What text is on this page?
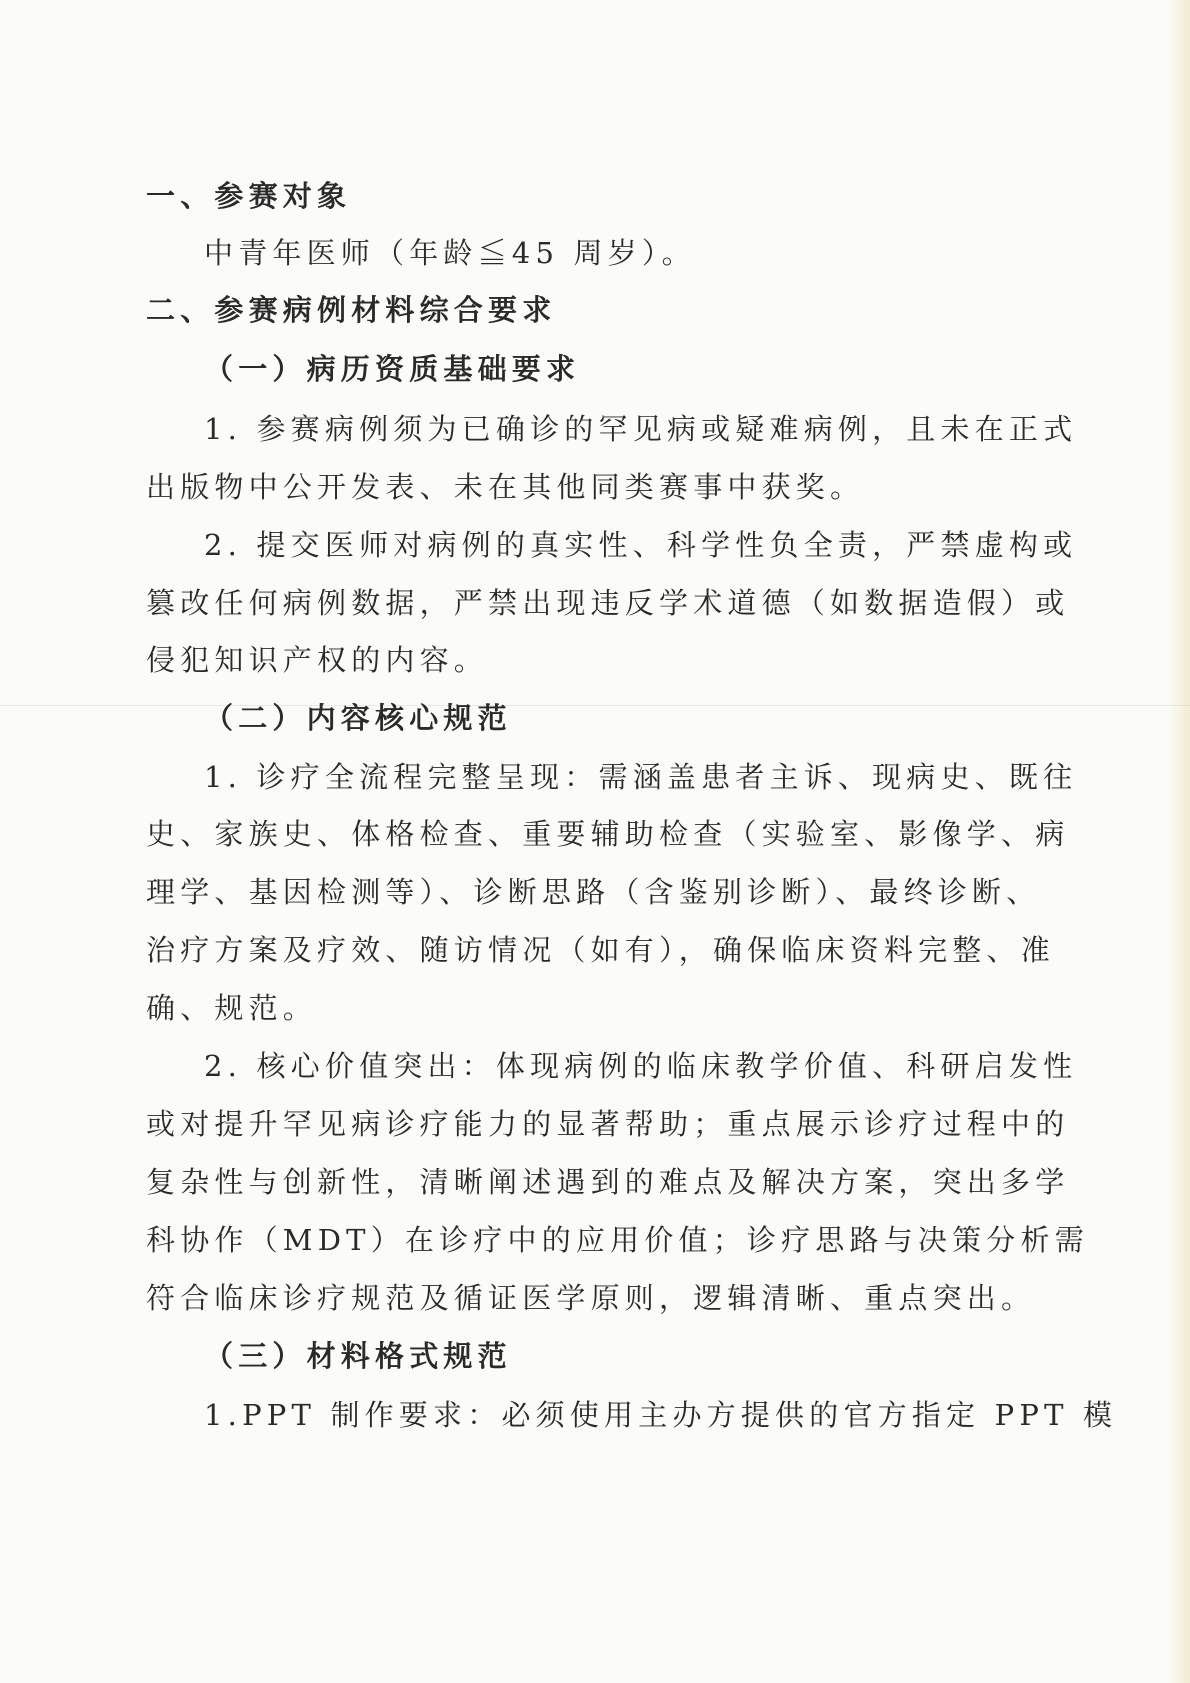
一、参赛对象
中青年医师（年龄≦45 周岁）。
二、参赛病例材料综合要求
（一）病历资质基础要求
1. 参赛病例须为已确诊的罕见病或疑难病例，且未在正式
出版物中公开发表、未在其他同类赛事中获奖。
2. 提交医师对病例的真实性、科学性负全责，严禁虚构或
篡改任何病例数据，严禁出现违反学术道德（如数据造假）或
侵犯知识产权的内容。
（二）内容核心规范
1. 诊疗全流程完整呈现：需涵盖患者主诉、现病史、既往
史、家族史、体格检查、重要辅助检查（实验室、影像学、病
理学、基因检测等）、诊断思路（含鉴别诊断）、最终诊断、
治疗方案及疗效、随访情况（如有），确保临床资料完整、准
确、规范。
2. 核心价值突出：体现病例的临床教学价值、科研启发性
或对提升罕见病诊疗能力的显著帮助；重点展示诊疗过程中的
复杂性与创新性，清晰阐述遇到的难点及解决方案，突出多学
科协作（MDT）在诊疗中的应用价值；诊疗思路与决策分析需
符合临床诊疗规范及循证医学原则，逻辑清晰、重点突出。
（三）材料格式规范
1.PPT 制作要求：必须使用主办方提供的官方指定 PPT 模
